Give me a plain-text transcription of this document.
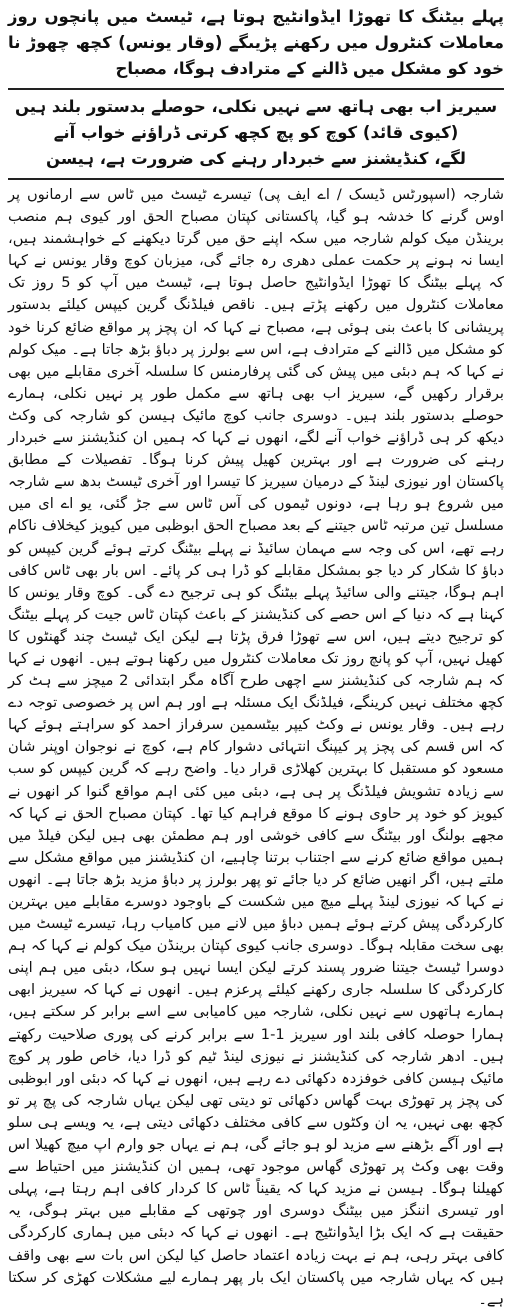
پہلے بیٹنگ کا تھوڑا ایڈوانٹیج ہوتا ہے، ٹیسٹ میں پانچوں روز معاملات کنٹرول میں رکھنے پڑیںگے (وقار یونس) کچھ چھوڑ نا خود کو مشکل میں ڈالنے کے مترادف ہوگا، مصباح
سیریز اب بھی ہاتھ سے نہیں نکلی، حوصلے بدستور بلند ہیں (کیوی قائد) کوچ کو پچ کچھ کرتی ڈراؤنے خواب آنے
لگے، کنڈیشنز سے خبردار رہنے کی ضرورت ہے، ہیسن

شارجہ (اسپورٹس ڈیسک / اے ایف پی) تیسرے ٹیسٹ میں ٹاس سے ارمانوں پر اوس گرنے کا خدشہ ہو گیا، پاکستانی کپتان مصباح الحق اور کیوی ہم منصب برینڈن میک کولم شارجہ میں سکہ اپنے حق میں گرتا دیکھنے کے خواہشمند ہیں، ایسا نہ ہونے پر حکمت عملی دھری رہ جائے گی، میزبان کوچ وقار یونس نے کہا کہ پہلے بیٹنگ کا تھوڑا ایڈوانٹیج حاصل ہوتا ہے، ٹیسٹ میں آپ کو 5 روز تک معاملات کنٹرول میں رکھنے پڑتے ہیں۔ ناقص فیلڈنگ گرین کیپس کیلئے بدستور پریشانی کا باعث بنی ہوئی ہے، مصباح نے کہا کہ ان پچز پر مواقع ضائع کرنا خود کو مشکل میں ڈالنے کے مترادف ہے، اس سے بولرز پر دباؤ بڑھ جاتا ہے۔ میک کولم نے کہا کہ ہم دبئی میں پیش کی گئی پرفارمنس کا سلسلہ آخری مقابلے میں بھی برقرار رکھیں گے، سیریز اب بھی ہاتھ سے مکمل طور پر نہیں نکلی، ہمارے حوصلے بدستور بلند ہیں۔ دوسری جانب کوچ مائیک ہیسن کو شارجہ کی وکٹ دیکھ کر ہی ڈراؤنے خواب آنے لگے، انھوں نے کہا کہ ہمیں ان کنڈیشنز سے خبردار رہنے کی ضرورت ہے اور بہترین کھیل پیش کرنا ہوگا۔ تفصیلات کے مطابق پاکستان اور نیوزی لینڈ کے درمیان سیریز کا تیسرا اور آخری ٹیسٹ بدھ سے شارجہ میں شروع ہو رہا ہے، دونوں ٹیموں کی آس ٹاس سے جڑ گئی، یو اے ای میں مسلسل تین مرتبہ ٹاس جیتنے کے بعد مصباح الحق ابوظبی میں کیویز کیخلاف ناکام رہے تھے، اس کی وجہ سے مہمان سائیڈ نے پہلے بیٹنگ کرتے ہوئے گرین کیپس کو دباؤ کا شکار کر دیا جو بمشکل مقابلے کو ڈرا ہی کر پائے۔ اس بار بھی ٹاس کافی اہم ہوگا، جیتنے والی سائیڈ پہلے بیٹنگ کو ہی ترجیح دے گی۔ کوچ وقار یونس کا کہنا ہے کہ دنیا کے اس حصے کی کنڈیشنز کے باعث کپتان ٹاس جیت کر پہلے بیٹنگ کو ترجیح دیتے ہیں، اس سے تھوڑا فرق پڑتا ہے لیکن ایک ٹیسٹ چند گھنٹوں کا کھیل نہیں، آپ کو پانچ روز تک معاملات کنٹرول میں رکھنا ہوتے ہیں۔ انھوں نے کہا کہ ہم شارجہ کی کنڈیشنز سے اچھی طرح آگاہ مگر ابتدائی 2 میچز سے ہٹ کر کچھ مختلف نہیں کرینگے، فیلڈنگ ایک مسئلہ ہے اور ہم اس پر خصوصی توجہ دے رہے ہیں۔ وقار یونس نے وکٹ کیپر بیٹسمین سرفراز احمد کو سراہتے ہوئے کہا کہ اس قسم کی پچز پر کیپنگ انتہائی دشوار کام ہے، کوچ نے نوجوان اوپنر شان مسعود کو مستقبل کا بہترین کھلاڑی قرار دیا۔ واضح رہے کہ گرین کیپس کو سب سے زیادہ تشویش فیلڈنگ پر ہی ہے، دبئی میں کئی اہم مواقع گنوا کر انھوں نے کیویز کو خود پر حاوی ہونے کا موقع فراہم کیا تھا۔ کپتان مصباح الحق نے کہا کہ مجھے بولنگ اور بیٹنگ سے کافی خوشی اور ہم مطمئن بھی ہیں لیکن فیلڈ میں ہمیں مواقع ضائع کرنے سے اجتناب برتنا چاہیے، ان کنڈیشنز میں مواقع مشکل سے ملتے ہیں، اگر انھیں ضائع کر دیا جائے تو پھر بولرز پر دباؤ مزید بڑھ جاتا ہے۔ انھوں نے کہا کہ نیوزی لینڈ پہلے میچ میں شکست کے باوجود دوسرے مقابلے میں بہترین کارکردگی پیش کرتے ہوئے ہمیں دباؤ میں لانے میں کامیاب رہا، تیسرے ٹیسٹ میں بھی سخت مقابلہ ہوگا۔ دوسری جانب کیوی کپتان برینڈن میک کولم نے کہا کہ ہم دوسرا ٹیسٹ جیتنا ضرور پسند کرتے لیکن ایسا نہیں ہو سکا، دبئی میں ہم اپنی کارکردگی کا سلسلہ جاری رکھنے کیلئے پرعزم ہیں۔ انھوں نے کہا کہ سیریز ابھی ہمارے ہاتھوں سے نہیں نکلی، شارجہ میں کامیابی سے اسے برابر کر سکتے ہیں، ہمارا حوصلہ کافی بلند اور سیریز 1-1 سے برابر کرنے کی پوری صلاحیت رکھتے ہیں۔ ادھر شارجہ کی کنڈیشنز نے نیوزی لینڈ ٹیم کو ڈرا دیا، خاص طور پر کوچ مائیک ہیسن کافی خوفزدہ دکھائی دے رہے ہیں، انھوں نے کہا کہ دبئی اور ابوظبی کی پچز پر تھوڑی بہت گھاس دکھائی تو دیتی تھی لیکن یہاں شارجہ کی پچ پر تو کچھ بھی نہیں، یہ ان وکٹوں سے کافی مختلف دکھائی دیتی ہے، یہ ویسے ہی سلو ہے اور آگے بڑھنے سے مزید لو ہو جائے گی، ہم نے یہاں جو وارم اپ میچ کھیلا اس وقت بھی وکٹ پر تھوڑی گھاس موجود تھی، ہمیں ان کنڈیشنز میں احتیاط سے کھیلنا ہوگا۔ ہیسن نے مزید کہا کہ یقیناً ٹاس کا کردار کافی اہم رہتا ہے، پہلی اور تیسری اننگز میں بیٹنگ دوسری اور چوتھی کے مقابلے میں بہتر ہوگی، یہ حقیقت ہے کہ ایک بڑا ایڈوانٹیج ہے۔ انھوں نے کہا کہ دبئی میں ہماری کارکردگی کافی بہتر رہی، ہم نے بہت زیادہ اعتماد حاصل کیا لیکن اس بات سے بھی واقف ہیں کہ یہاں شارجہ میں پاکستان ایک بار پھر ہمارے لیے مشکلات کھڑی کر سکتا ہے۔
